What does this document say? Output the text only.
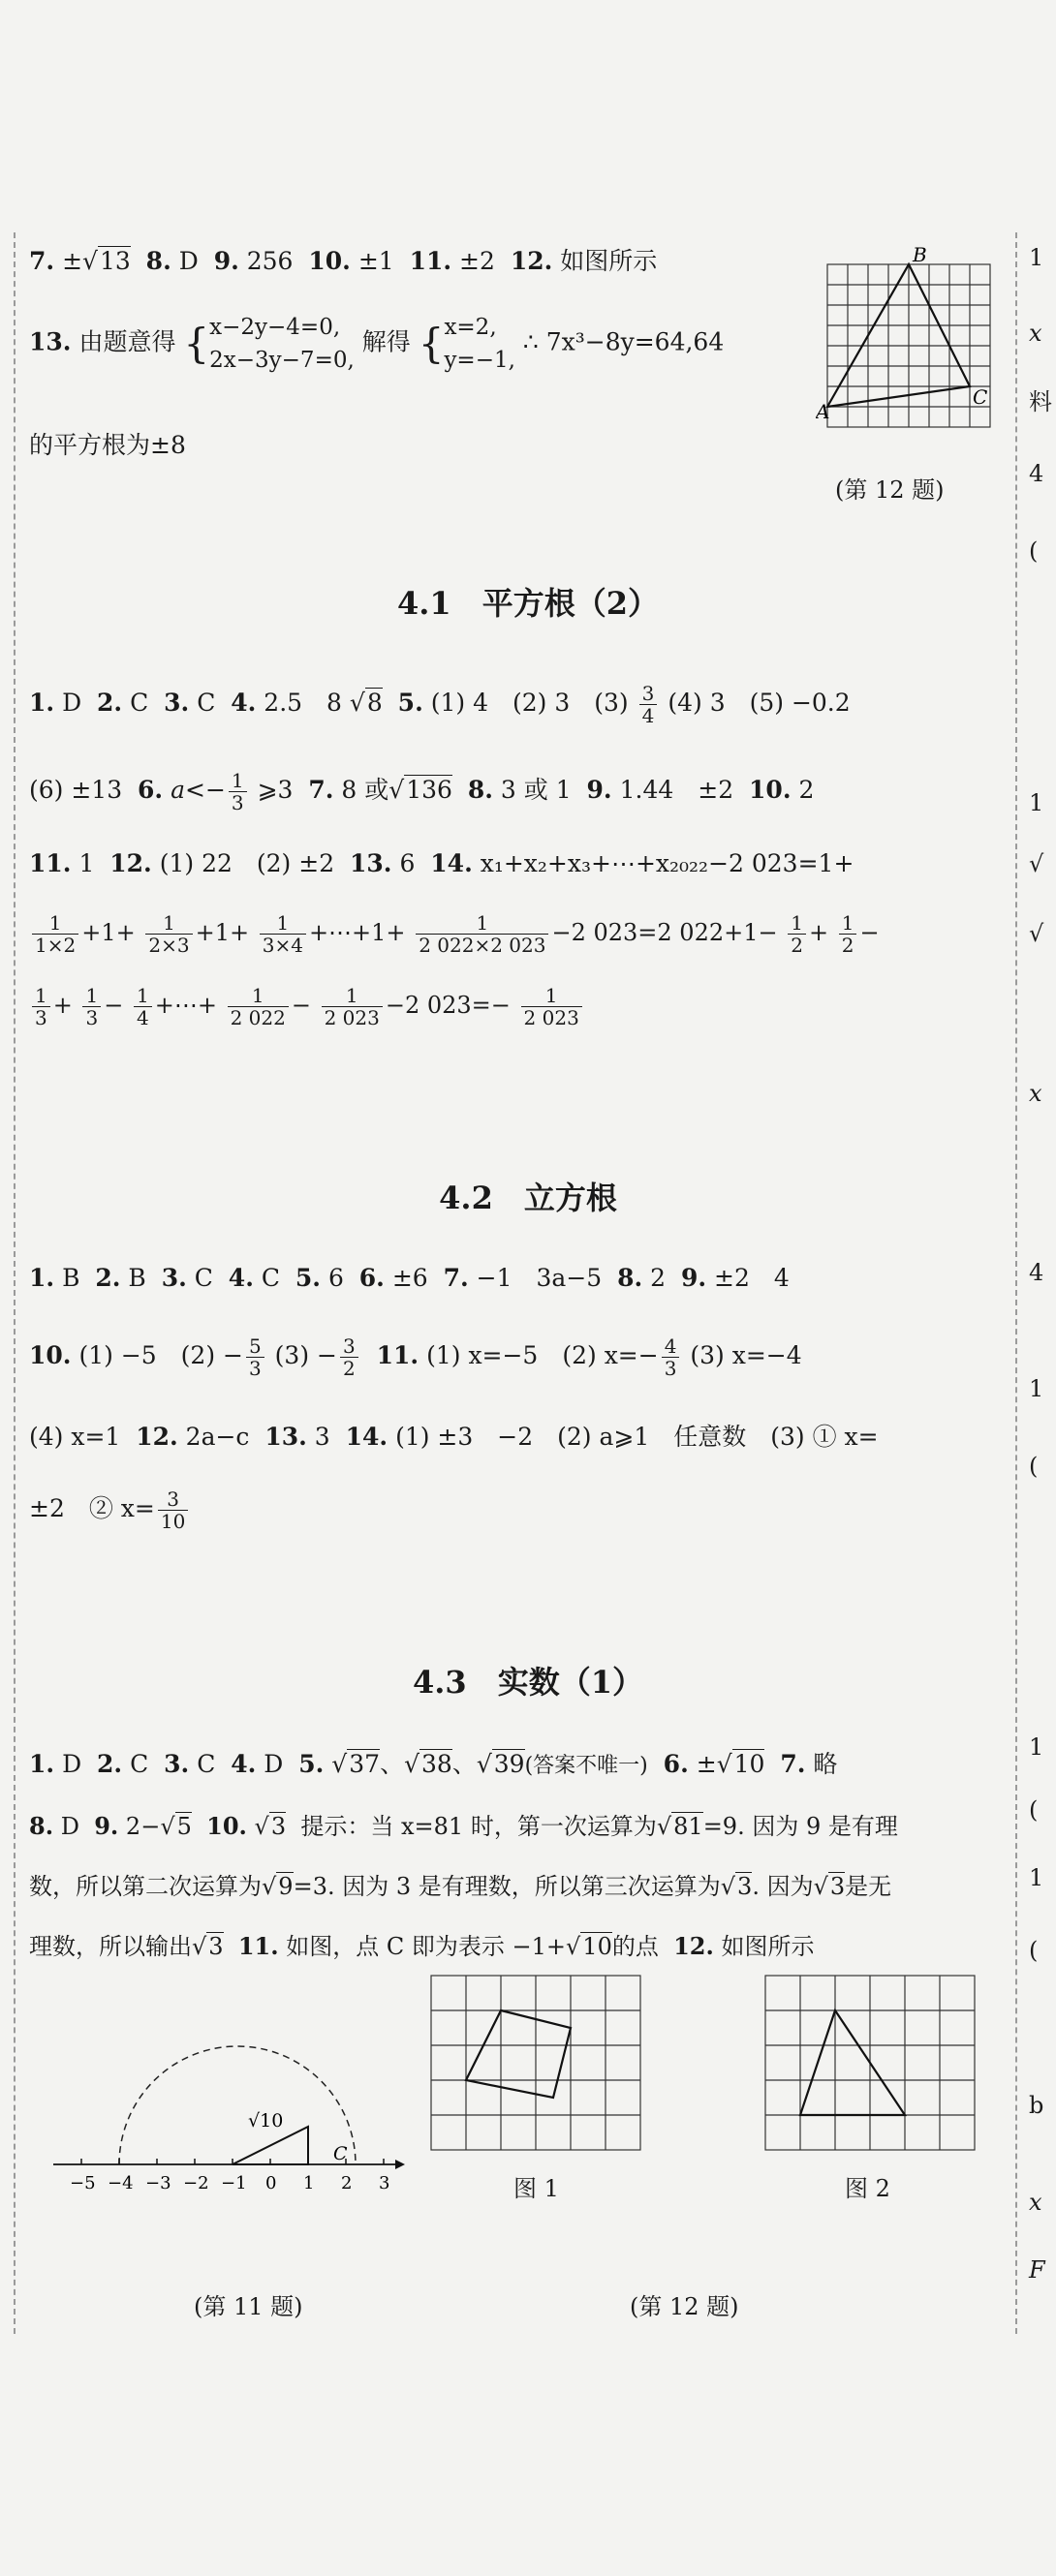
7. ±√13 8. D 9. 256 10. ±1 11. ±2 12. 如图所示
13. 由题意得 { x−2y−4=0,
2x−3y−7=0,
解得 { x=2,
y=−1,
∴ 7x³−8y=64,64
的平方根为±8
A
B
C
(第 12 题)
4.1　平方根（2）
1. D 2. C 3. C 4. 2.5　8 √8 5. (1) 4　(2) 3　$(3) \frac{3}{4} (4)$ 3　(5) −0.2
(6) ±13 6. $a<- \frac{1}{3}$ ⩾3 7. 8 或√136 8. 3 或 1 9. 1.44　±2 10. 2
11. 1 12. (1) 22　(2) ±2 13. 6 14. x₁+x₂+x₃+⋯+x₂₀₂₂−2 023=1+
$\frac{1}{1\times 2} +1+ \frac{1}{2\times 3} +1+ \frac{1}{3\times 4}$ +⋯+1+ $\frac{1}{2 022\times 2 023} -2$ 023=2 $022+1- \frac{1}{2} + \frac{1}{2}$ −
$\frac{1}{3} + \frac{1}{3} - \frac{1}{4}$ +⋯+ $\frac{1}{2 022} - \frac{1}{2 023} -2$ $023=- \frac{1}{2 023}$
4.2　立方根
1. B 2. B 3. C 4. C 5. 6 6. ±6 7. −1　3a−5 8. 2 9. ±2　4
10. (1) −5　$(2) - \frac{5}{3} (3) - \frac{3}{2} 11$. (1) x=−5　(2) $x=- \frac{4}{3} (3)$ x=−4
(4) x=1 12. 2a−c 13. 3 14. (1) ±3　−2　(2) a⩾1　任意数　(3) ① x=
±2　② $x= \frac{3}{10}$
4.3　实数（1）
1. D 2. C 3. C 4. D 5. √37、√38、√39(答案不唯一) 6. ±√10 7. 略
8. D 9. 2−√5 10. √3 提示：当 x=81 时，第一次运算为√81=9. 因为 9 是有理
数，所以第二次运算为√9=3. 因为 3 是有理数，所以第三次运算为√3. 因为√3是无
理数，所以输出√3 11. 如图，点 C 即为表示 −1+√10的点 12. 如图所示
−5 −4 −3 −2 −1 0 1 2 3
√10
C
图 1	图 2
(第 11 题)	(第 12 题)
1
x
料
4
(
1
√
√
x
4
1
(
1
(
1
(
b
x
F
